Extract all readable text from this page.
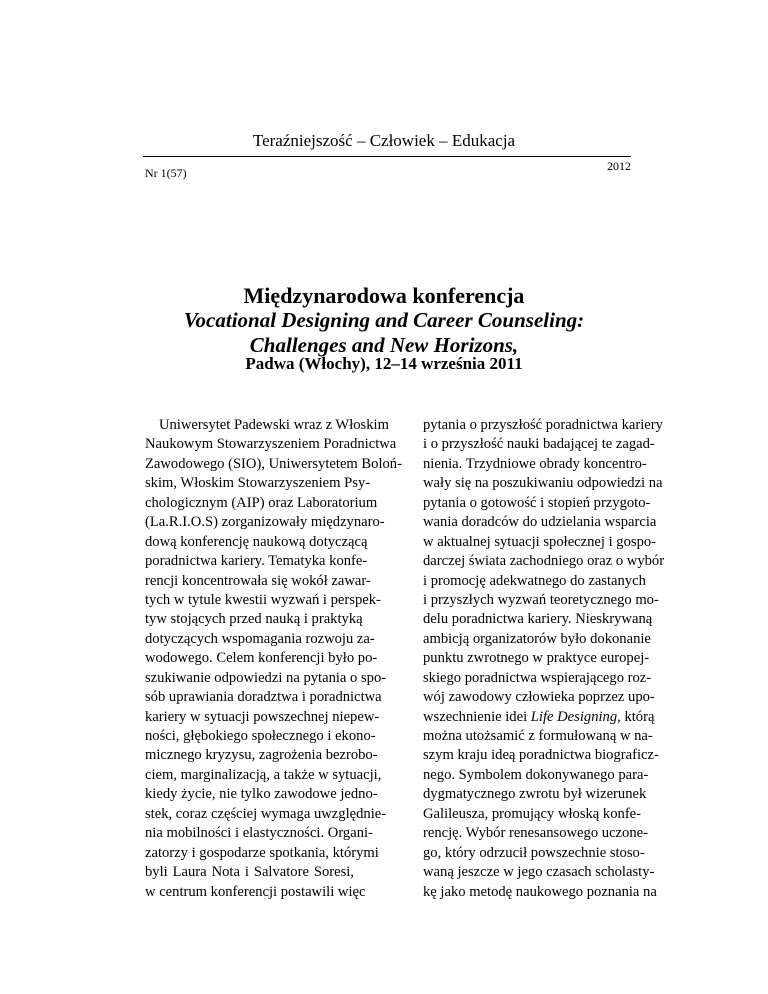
Teraźniejszość – Człowiek – Edukacja
2012
Nr 1(57)
Międzynarodowa konferencja
Vocational Designing and Career Counseling:
Challenges and New Horizons,
Padwa (Włochy), 12–14 września 2011
Uniwersytet Padewski wraz z Włoskim
Naukowym Stowarzyszeniem Poradnictwa
Zawodowego (SIO), Uniwersytetem Boloń-
skim, Włoskim Stowarzyszeniem Psy-
chologicznym (AIP) oraz Laboratorium
(La.R.I.O.S) zorganizowały międzynaro-
dową konferencję naukową dotyczącą
poradnictwa kariery. Tematyka konfe-
rencji koncentrowała się wokół zawar-
tych w tytule kwestii wyzwań i perspek-
tyw stojących przed nauką i praktyką
dotyczących wspomagania rozwoju za-
wodowego. Celem konferencji było po-
szukiwanie odpowiedzi na pytania o spo-
sób uprawiania doradztwa i poradnictwa
kariery w sytuacji powszechnej niepew-
ności, głębokiego społecznego i ekono-
micznego kryzysu, zagrożenia bezrobo-
ciem, marginalizacją, a także w sytuacji,
kiedy życie, nie tylko zawodowe jedno-
stek, coraz częściej wymaga uwzględnie-
nia mobilności i elastyczności. Organi-
zatorzy i gospodarze spotkania, którymi
byli Laura Nota i Salvatore Soresi,
w centrum konferencji postawili więc
pytania o przyszłość poradnictwa kariery
i o przyszłość nauki badającej te zagad-
nienia. Trzydniowe obrady koncentro-
wały się na poszukiwaniu odpowiedzi na
pytania o gotowość i stopień przygoto-
wania doradców do udzielania wsparcia
w aktualnej sytuacji społecznej i gospo-
darczej świata zachodniego oraz o wybór
i promocję adekwatnego do zastanych
i przyszłych wyzwań teoretycznego mo-
delu poradnictwa kariery. Nieskrywaną
ambicją organizatorów było dokonanie
punktu zwrotnego w praktyce europej-
skiego poradnictwa wspierającego roz-
wój zawodowy człowieka poprzez upo-
wszechnienie idei Life Designing, którą
można utożsamić z formułowaną w na-
szym kraju ideą poradnictwa biograficz-
nego. Symbolem dokonywanego para-
dygmatycznego zwrotu był wizerunek
Galileusza, promujący włoską konfe-
rencję. Wybór renesansowego uczone-
go, który odrzucił powszechnie stoso-
waną jeszcze w jego czasach scholasty-
kę jako metodę naukowego poznania na
